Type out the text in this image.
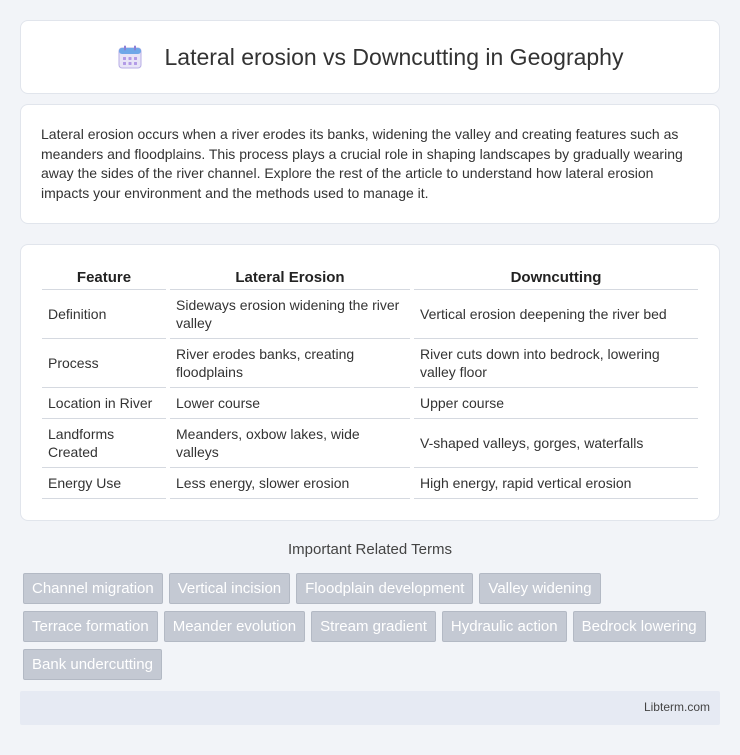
Lateral erosion vs Downcutting in Geography

Lateral erosion occurs when a river erodes its banks, widening the valley and creating features such as meanders and floodplains. This process plays a crucial role in shaping landscapes by gradually wearing away the sides of the river channel. Explore the rest of the article to understand how lateral erosion impacts your environment and the methods used to manage it.

Feature	Lateral Erosion	Downcutting
Definition	Sideways erosion widening the river valley	Vertical erosion deepening the river bed
Process	River erodes banks, creating floodplains	River cuts down into bedrock, lowering valley floor
Location in River	Lower course	Upper course
Landforms Created	Meanders, oxbow lakes, wide valleys	V-shaped valleys, gorges, waterfalls
Energy Use	Less energy, slower erosion	High energy, rapid vertical erosion
Important Related Terms
Channel migration	Vertical incision	Floodplain development	Valley widening
Terrace formation	Meander evolution	Stream gradient	Hydraulic action	Bedrock lowering
Bank undercutting
Libterm.com
